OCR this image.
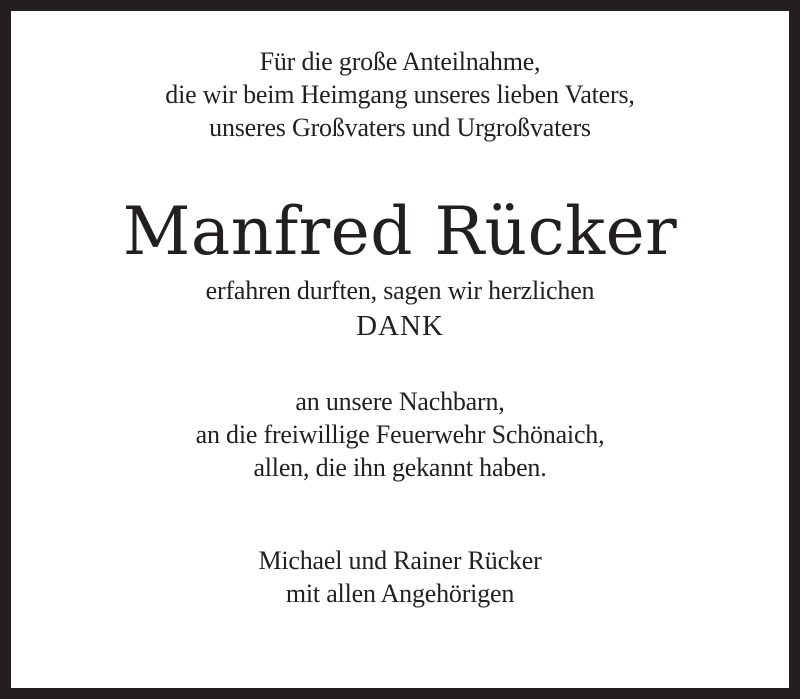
Für die große Anteilnahme,

die wir beim Heimgang unseres lieben Vaters,

unseres Großvaters und Urgroßvaters

Manfred Rücker

erfahren durften, sagen wir herzlichen

DANK

an unsere Nachbarn,

an die freiwillige Feuerwehr Schönaich,

allen, die ihn gekannt haben.

Michael und Rainer Rücker

mit allen Angehörigen
